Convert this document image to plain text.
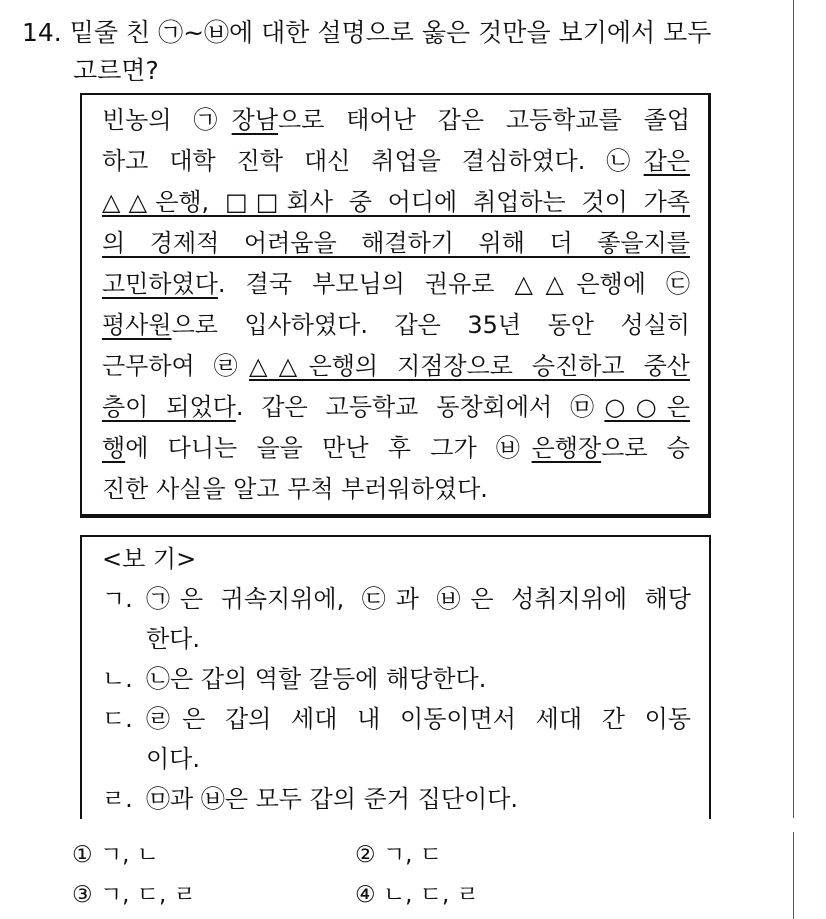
14. 밑줄 친 ㉠~㉥에 대한 설명으로 옳은 것만을 보기에서 모두
고르면?
빈농의 ㉠장남으로 태어난 갑은 고등학교를 졸업
하고 대학 진학 대신 취업을 결심하였다. ㉡갑은
△△은행, □□회사 중 어디에 취업하는 것이 가족
의 경제적 어려움을 해결하기 위해 더 좋을지를
고민하였다. 결국 부모님의 권유로 △△은행에 ㉢
평사원으로 입사하였다. 갑은 35년 동안 성실히
근무하여 ㉣△△은행의 지점장으로 승진하고 중산
층이 되었다. 갑은 고등학교 동창회에서 ㉤○○은
행에 다니는 을을 만난 후 그가 ㉥은행장으로 승
진한 사실을 알고 무척 부러워하였다.
<보 기>
ㄱ. ㉠은 귀속지위에, ㉢과 ㉥은 성취지위에 해당
한다.
ㄴ. ㉡은 갑의 역할 갈등에 해당한다.
ㄷ. ㉣은 갑의 세대 내 이동이면서 세대 간 이동
이다.
ㄹ. ㉤과 ㉥은 모두 갑의 준거 집단이다.
① ㄱ, ㄴ	② ㄱ, ㄷ
③ ㄱ, ㄷ, ㄹ	④ ㄴ, ㄷ, ㄹ
